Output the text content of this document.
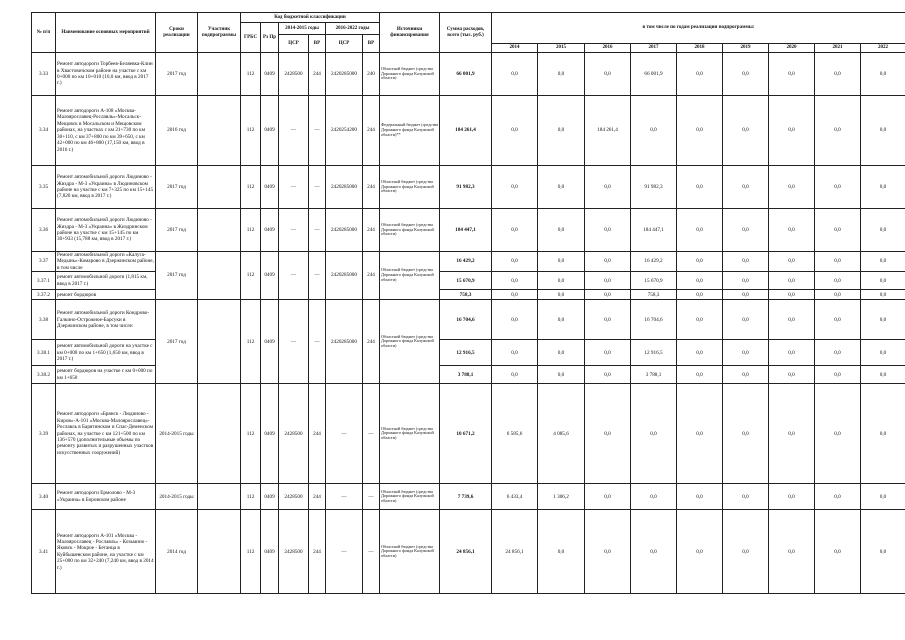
№ п/п	Наименование основных мероприятий	Сроки реализации	Участник подпрограммы	Код бюджетной классификации						Источники финансирования	Сумма расходов, всего (тыс. руб.)	в том числе по годам реализации подпрограммы:								
				ГРБС	Рз Пр	2014-2015 годы		2016-2022 годы												
						ЦСР	ВР	ЦСР	ВР											
												2014	2015	2016	2017	2018	2019	2020	2021	2022
3.33	Ремонт автодороги Торбеев-Беляевка-Клин в Хвастовичском районе на участке с км 0+000 по км 10+010 (10,0 км, ввод в 2017 г.)	2017 год		112	0409	2428500	244	2420285000	240	Областной бюджет (средства Дорожного фонда Калужской области)	66 001,9	0,0	0,0	0,0	66 001,9	0,0	0,0	0,0	0,0	0,0
3.34	Ремонт автодороги А-108 «Москва-Малоярославец-Рославль»-Мосальск-Мещовск в Мосальском и Мещовском районах, на участках с км 21+730 по км 30+110, с км 37+800 по км 39+650, с км 42+000 по км 46+800 (17,150 км, ввод в 2016 г.)	2016 год		112	0409	—	—	2420254200	244	Федеральный бюджет (средства Дорожного фонда Калужской области)**	184 261,4	0,0	0,0	184 261,4	0,0	0,0	0,0	0,0	0,0	0,0
3.35	Ремонт автомобильной дороги Людиново - Жиздра - М-3 «Украина» в Людиновском районе на участке с км 7+325 по км 15+145 (7,820 км, ввод в 2017 г.)	2017 год		112	0409	—	—	2420285000	244	Областной бюджет (средства Дорожного фонда Калужской области)	91 982,3	0,0	0,0	0,0	91 982,3	0,0	0,0	0,0	0,0	0,0
3.36	Ремонт автомобильной дороги Людиново - Жиздра - М-3 «Украина» в Жиздринском районе на участке с км 15+145 по км 30+933 (15,788 км, ввод в 2017 г.)	2017 год		112	0409	—	—	2420285000	244	Областной бюджет (средства Дорожного фонда Калужской области)	184 447,1	0,0	0,0	0,0	184 447,1	0,0	0,0	0,0	0,0	0,0
3.37	Ремонт автомобильной дороги «Калуга-Медынь»-Комарово в Дзержинском районе, в том числе	2017 год		112	0409	—	—	2420285000	244	Областной бюджет (средства Дорожного фонда Калужской области)	16 429,2	0,0	0,0	0,0	16 429,2	0,0	0,0	0,0	0,0	0,0
3.37.1	ремонт автомобильной дороги (1,815 км, ввод в 2017 г.)										15 670,9	0,0	0,0	0,0	15 670,9	0,0	0,0	0,0	0,0	0,0
3.37.2	ремонт бордюров										758,3	0,0	0,0	0,0	758,3	0,0	0,0	0,0	0,0	0,0
3.38	Ремонт автомобильной дороги Кондрово-Галкино-Острожное-Барсуки в Дзержинском районе, в том числе:	2017 год		112	0409	—	—	2420285000	244	Областной бюджет (средства Дорожного фонда Калужской области)	16 704,6	0,0	0,0	0,0	16 704,6	0,0	0,0	0,0	0,0	0,0
3.38.1	ремонт автомобильной дороги на участке с км 0+000 по км 1+650 (1,650 км, ввод в 2017 г.)										12 916,5	0,0	0,0	0,0	12 916,5	0,0	0,0	0,0	0,0	0,0
3.38.2	ремонт бордюров на участке с км 0+000 по км 1+650										3 788,1	0,0	0,0	0,0	3 788,1	0,0	0,0	0,0	0,0	0,0
3.39	Ремонт автодороги «Брянск - Людиново - Киров»-А-101 «Москва-Малоярославец»-Рославль в Барятинском и Спас-Деменском районах, на участке с км 121+500 по км 136+570 (дополнительные объемы по ремонту развитых и разрушенных участков искусственных сооружений)	2014-2015 годы		112	0409	2428500	244	—	—	Областной бюджет (средства Дорожного фонда Калужской области)	10 671,2	6 585,6	4 085,6	0,0	0,0	0,0	0,0	0,0	0,0	0,0
3.40	Ремонт автодороги Ермолово - М-3 «Украина» в Боровском районе	2014-2015 годы		112	0409	2428500	244	—	—	Областной бюджет (средства Дорожного фонда Калужской области)	7 739,6	6 433,4	1 306,2	0,0	0,0	0,0	0,0	0,0	0,0	0,0
3.41	Ремонт автодороги А-101 «Москва - Малоярославец - Рославль» - Козьмино - Яковск - Мокрое - Бетанца в Куйбышевском районе, на участке с км 25+000 по км 32+240 (7,240 км, ввод в 2014 г.)	2014 год		112	0409	2428500	244	—	—	Областной бюджет (средства Дорожного фонда Калужской области)	24 856,1	24 856,1	0,0	0,0	0,0	0,0	0,0	0,0	0,0	0,0
